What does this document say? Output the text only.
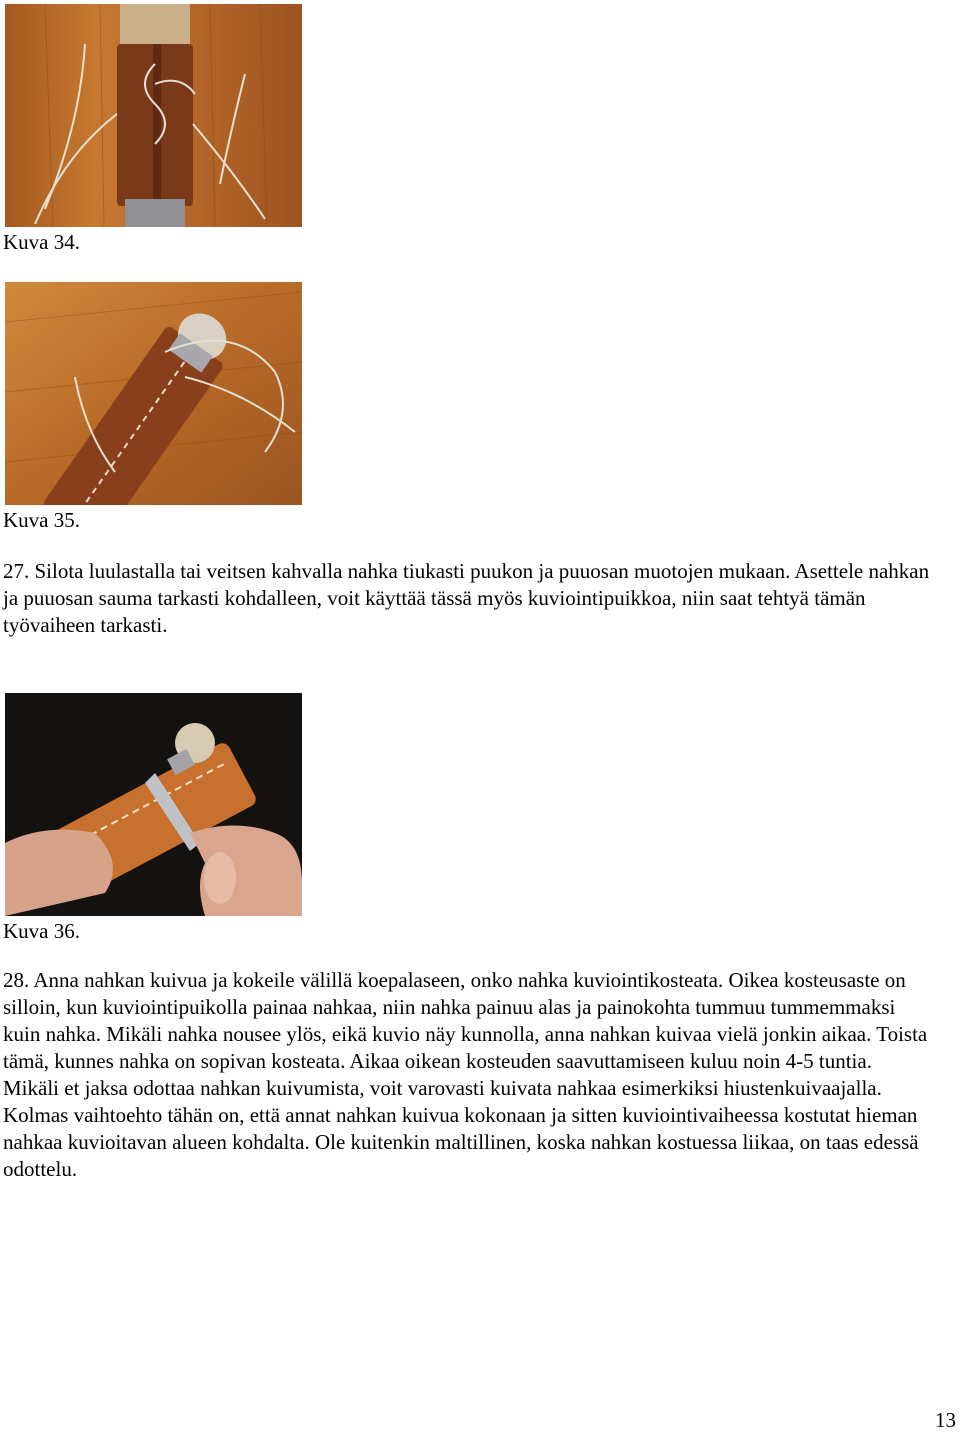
Kuva 34.
Kuva 35.

27. Silota luulastalla tai veitsen kahvalla nahka tiukasti puukon ja puuosan muotojen mukaan. Asettele nahkan ja puuosan sauma tarkasti kohdalleen, voit käyttää tässä myös kuviointipuikkoa, niin saat tehtyä tämän työvaiheen tarkasti.

Kuva 36.

28. Anna nahkan kuivua ja kokeile välillä koepalaseen, onko nahka kuviointikosteata. Oikea kosteusaste on silloin, kun kuviointipuikolla painaa nahkaa, niin nahka painuu alas ja painokohta tummuu tummemmaksi kuin nahka. Mikäli nahka nousee ylös, eikä kuvio näy kunnolla, anna nahkan kuivaa vielä jonkin aikaa. Toista tämä, kunnes nahka on sopivan kosteata. Aikaa oikean kosteuden saavuttamiseen kuluu noin 4-5 tuntia. Mikäli et jaksa odottaa nahkan kuivumista, voit varovasti kuivata nahkaa esimerkiksi hiustenkuivaajalla. Kolmas vaihtoehto tähän on, että annat nahkan kuivua kokonaan ja sitten kuviointivaiheessa kostutat hieman nahkaa kuvioitavan alueen kohdalta. Ole kuitenkin maltillinen, koska nahkan kostuessa liikaa, on taas edessä odottelu.

13
